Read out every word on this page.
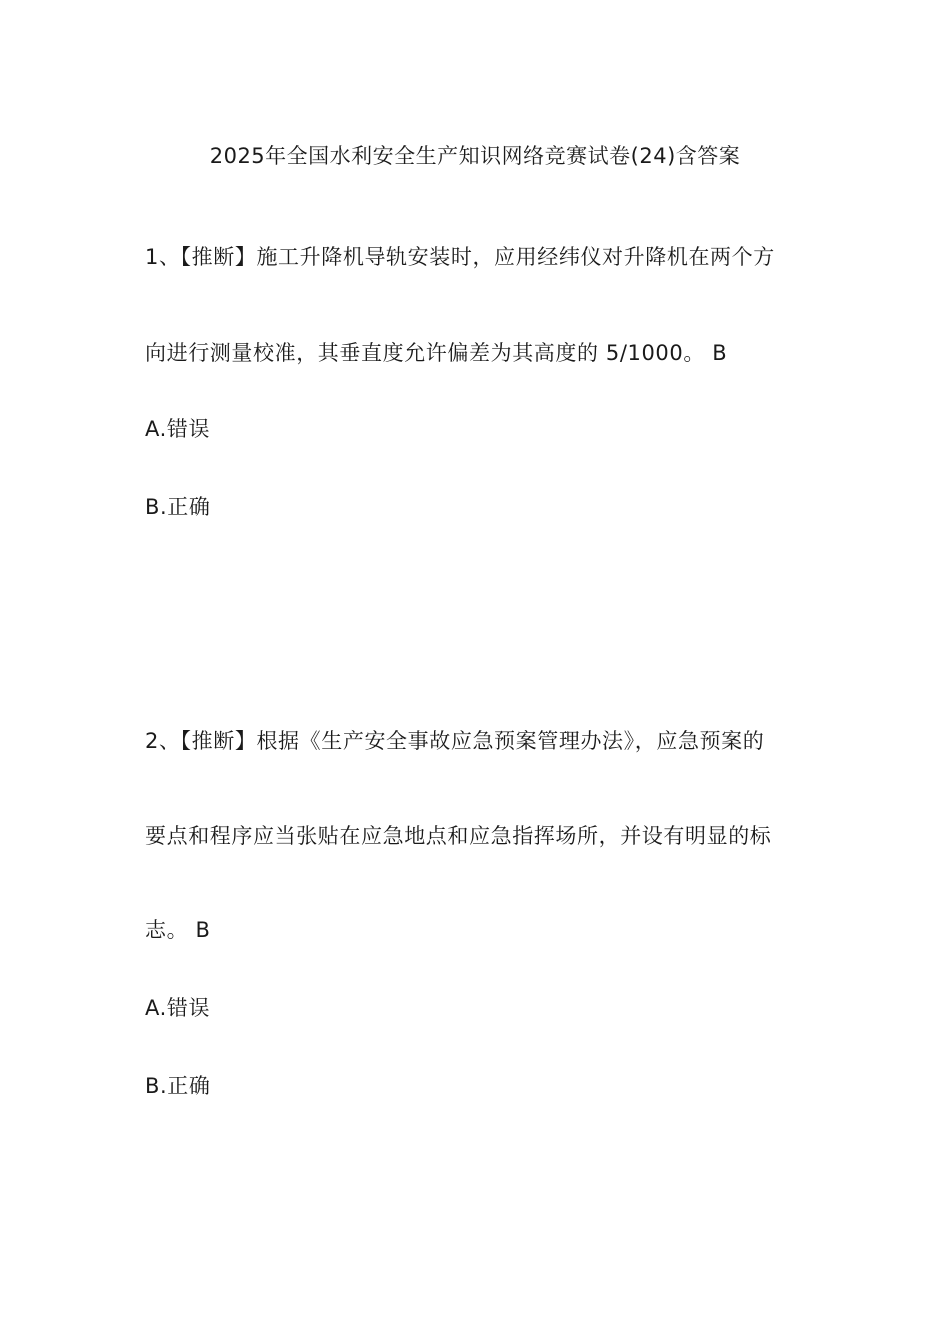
2025年全国水利安全生产知识网络竞赛试卷(24)含答案
1、【推断】施工升降机导轨安装时，应用经纬仪对升降机在两个方
向进行测量校准，其垂直度允许偏差为其高度的 5/1000。 B
A.错误
B.正确
2、【推断】根据《生产安全事故应急预案管理办法》，应急预案的
要点和程序应当张贴在应急地点和应急指挥场所，并设有明显的标
志。 B
A.错误
B.正确
